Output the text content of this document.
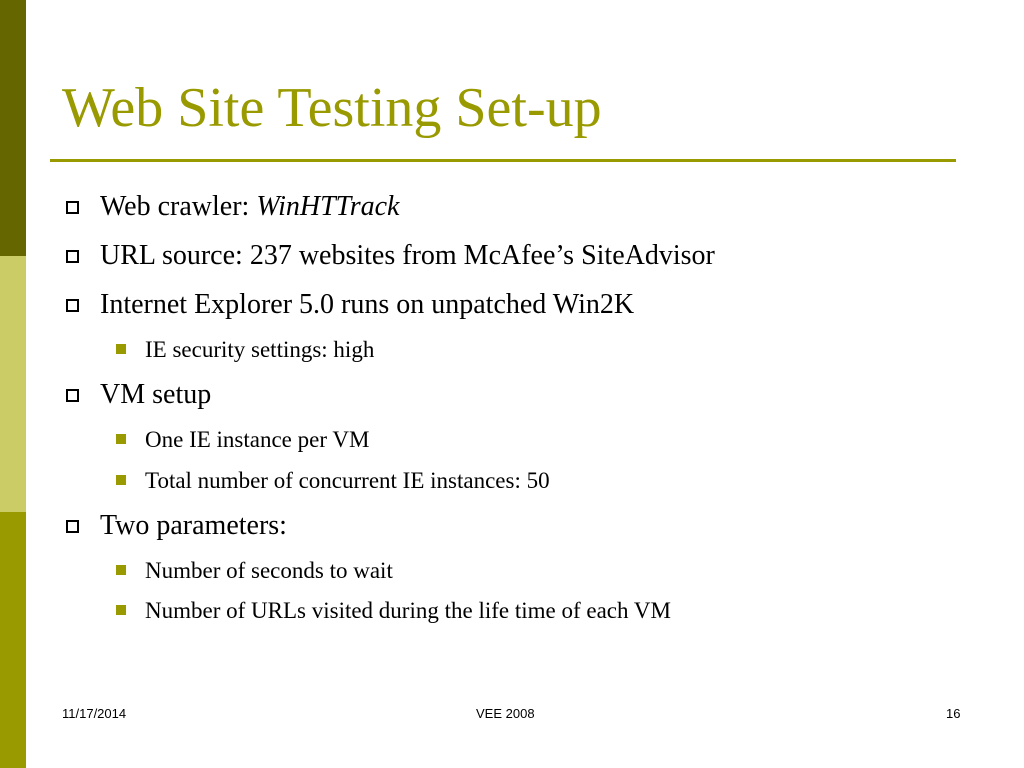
Web Site Testing Set-up
Web crawler: WinHTTrack
URL source: 237 websites from McAfee’s SiteAdvisor
Internet Explorer 5.0 runs on unpatched Win2K
IE security settings: high
VM setup
One IE instance per VM
Total number of concurrent IE instances: 50
Two parameters:
Number of seconds to wait
Number of URLs visited during the life time of each VM
11/17/2014	VEE 2008	16
